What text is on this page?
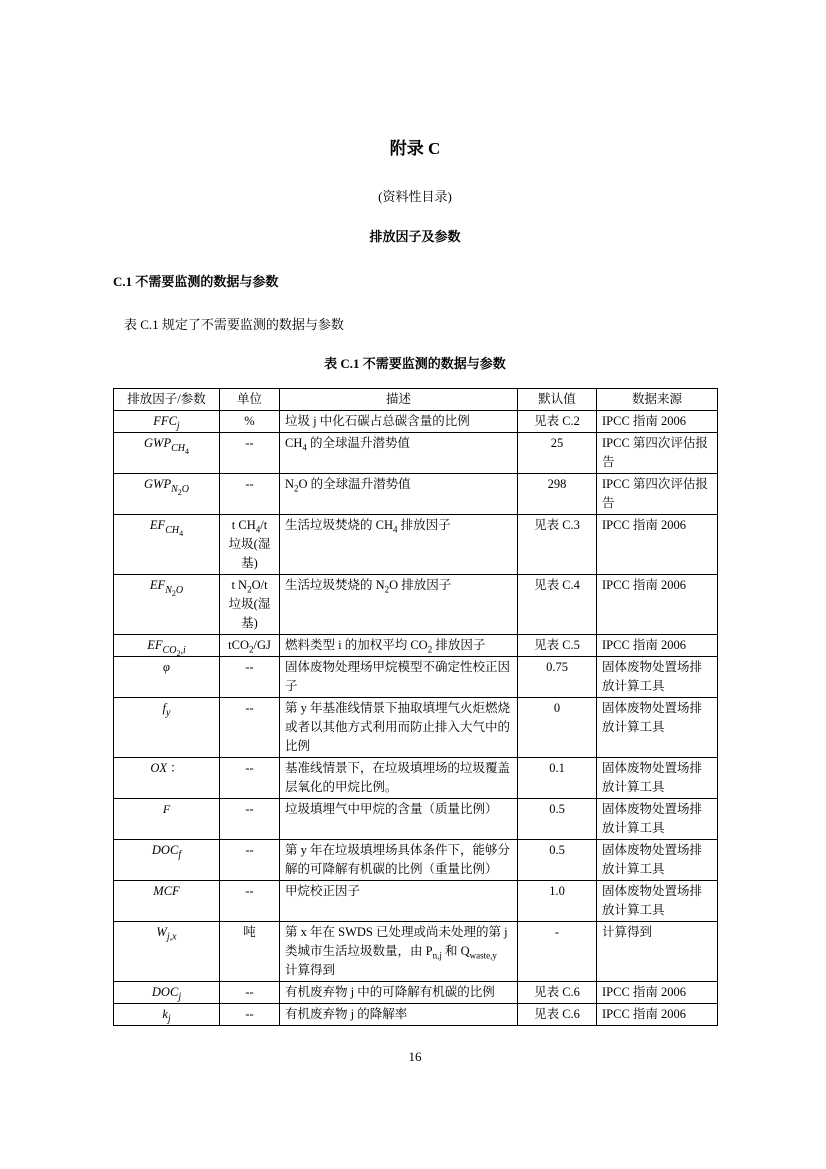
附录 C
(资料性目录)
排放因子及参数
C.1 不需要监测的数据与参数

表 C.1 规定了不需要监测的数据与参数

表 C.1 不需要监测的数据与参数
排放因子/参数	单位	描述	默认值	数据来源
$FFC_j$	%	垃圾 j 中化石碳占总碳含量的比例	见表 C.2	IPCC 指南 2006
$GWP_{CH_4}$	--	$CH_4$ 的全球温升潜势值	25	IPCC 第四次评估报告
$GWP_{N_2O}$	--	$N_2O$ 的全球温升潜势值	298	IPCC 第四次评估报告
$EF_{CH_4}$	t $CH_4/t$ 垃圾(湿基)	生活垃圾焚烧的 $CH_4$ 排放因子	见表 C.3	IPCC 指南 2006
$EF_{N_2O}$	t $N_2O/t$ 垃圾(湿基)	生活垃圾焚烧的 $N_2O$ 排放因子	见表 C.4	IPCC 指南 2006
$EF_{CO_2,i}$	tCO$_2$/GJ	燃料类型 i 的加权平均 $CO_2$ 排放因子	见表 C.5	IPCC 指南 2006
φ	--	固体废物处理场甲烷模型不确定性校正因子	0.75	固体废物处置场排放计算工具
$f_y$	--	第 y 年基准线情景下抽取填埋气火炬燃烧或者以其他方式利用而防止排入大气中的比例	0	固体废物处置场排放计算工具
OX ：	--	基准线情景下，在垃圾填埋场的垃圾覆盖层氧化的甲烷比例。	0.1	固体废物处置场排放计算工具
F	--	垃圾填埋气中甲烷的含量（质量比例）	0.5	固体废物处置场排放计算工具
$DOC_f$	--	第 y 年在垃圾填埋场具体条件下，能够分解的可降解有机碳的比例（重量比例）	0.5	固体废物处置场排放计算工具
MCF	--	甲烷校正因子	1.0	固体废物处置场排放计算工具
$W_{j,x}$	吨	第 x 年在 SWDS 已处理或尚未处理的第 j 类城市生活垃圾数量，由 $P_{n,j}$ 和 $Q_{waste,y}$ 计算得到	-	计算得到
$DOC_j$	--	有机废弃物 j 中的可降解有机碳的比例	见表 C.6	IPCC 指南 2006
$k_j$	--	有机废弃物 j 的降解率	见表 C.6	IPCC 指南 2006
16
